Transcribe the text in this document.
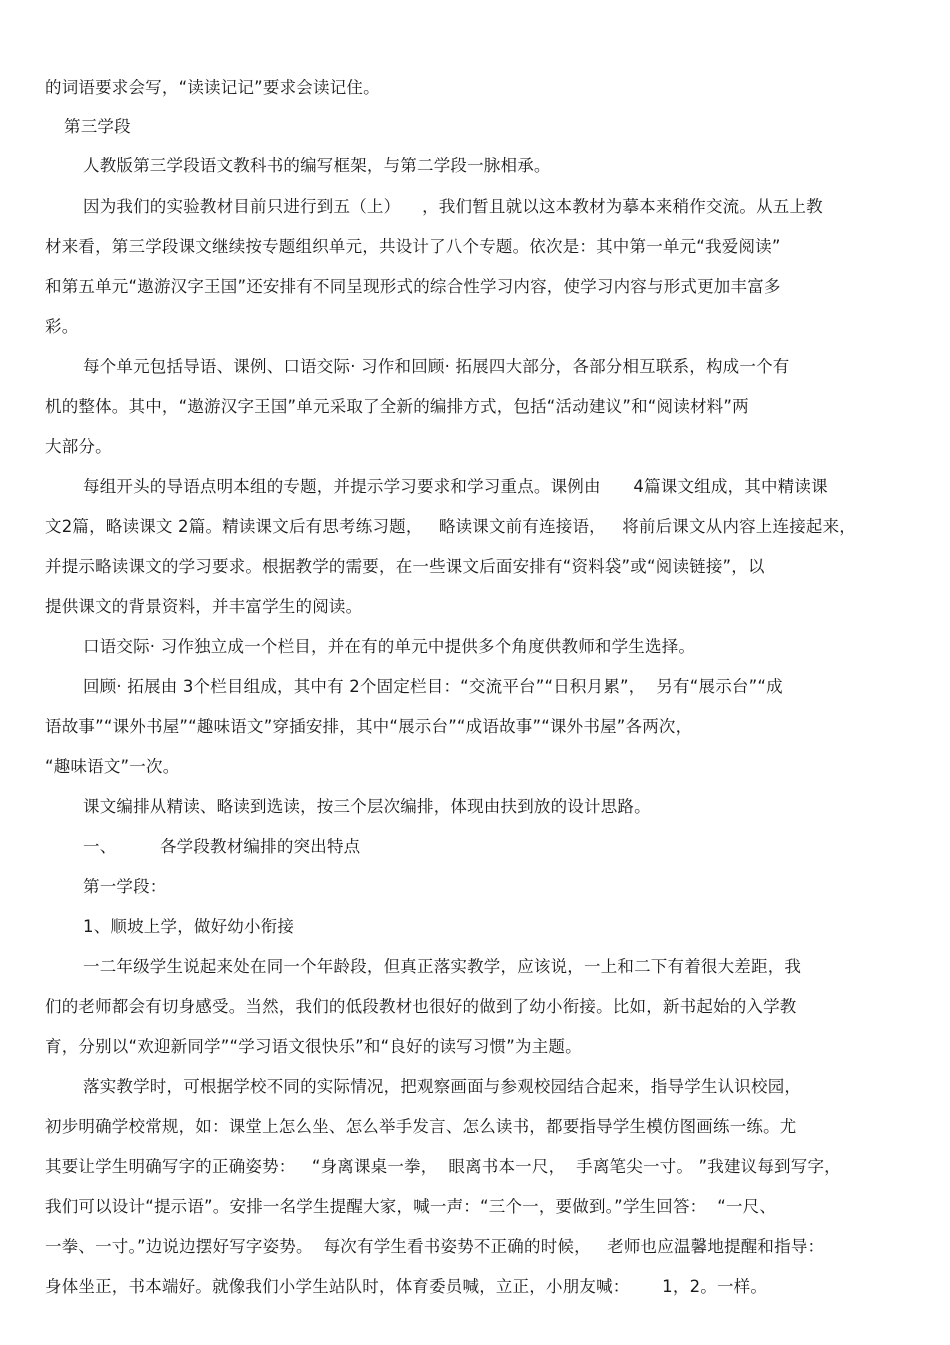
的词语要求会写，“读读记记”要求会读记住。
第三学段
人教版第三学段语文教科书的编写框架，与第二学段一脉相承。
因为我们的实验教材目前只进行到五（上）    ，我们暂且就以这本教材为摹本来稍作交流。从五上教
材来看，第三学段课文继续按专题组织单元，共设计了八个专题。依次是：其中第一单元“我爱阅读”
和第五单元“遨游汉字王国”还安排有不同呈现形式的综合性学习内容，使学习内容与形式更加丰富多
彩。
每个单元包括导语、课例、口语交际· 习作和回顾· 拓展四大部分，各部分相互联系，构成一个有
机的整体。其中，“遨游汉字王国”单元采取了全新的编排方式，包括“活动建议”和“阅读材料”两
大部分。
每组开头的导语点明本组的专题，并提示学习要求和学习重点。课例由      4篇课文组成，其中精读课
文2篇，略读课文 2篇。精读课文后有思考练习题，   略读课文前有连接语，   将前后课文从内容上连接起来，
并提示略读课文的学习要求。根据教学的需要，在一些课文后面安排有“资料袋”或“阅读链接”，以
提供课文的背景资料，并丰富学生的阅读。
口语交际· 习作独立成一个栏目，并在有的单元中提供多个角度供教师和学生选择。
回顾· 拓展由 3个栏目组成，其中有 2个固定栏目：“交流平台”“日积月累”，  另有“展示台”“成
语故事”“课外书屋”“趣味语文”穿插安排，其中“展示台”“成语故事”“课外书屋”各两次，
“趣味语文”一次。
课文编排从精读、略读到选读，按三个层次编排，体现由扶到放的设计思路。
一、        各学段教材编排的突出特点
第一学段：
1、顺坡上学，做好幼小衔接
一二年级学生说起来处在同一个年龄段，但真正落实教学，应该说，一上和二下有着很大差距，我
们的老师都会有切身感受。当然，我们的低段教材也很好的做到了幼小衔接。比如，新书起始的入学教
育，分别以“欢迎新同学”“学习语文很快乐”和“良好的读写习惯”为主题。
落实教学时，可根据学校不同的实际情况，把观察画面与参观校园结合起来，指导学生认识校园，
初步明确学校常规，如：课堂上怎么坐、怎么举手发言、怎么读书，都要指导学生模仿图画练一练。尤
其要让学生明确写字的正确姿势：   “身离课桌一拳，  眼离书本一尺，  手离笔尖一寸。 ”我建议每到写字，
我们可以设计“提示语”。安排一名学生提醒大家，喊一声：“三个一，要做到。”学生回答：  “一尺、
一拳、一寸。”边说边摆好写字姿势。  每次有学生看书姿势不正确的时候，   老师也应温馨地提醒和指导：
身体坐正，书本端好。就像我们小学生站队时，体育委员喊，立正，小朋友喊：      1，2。一样。
